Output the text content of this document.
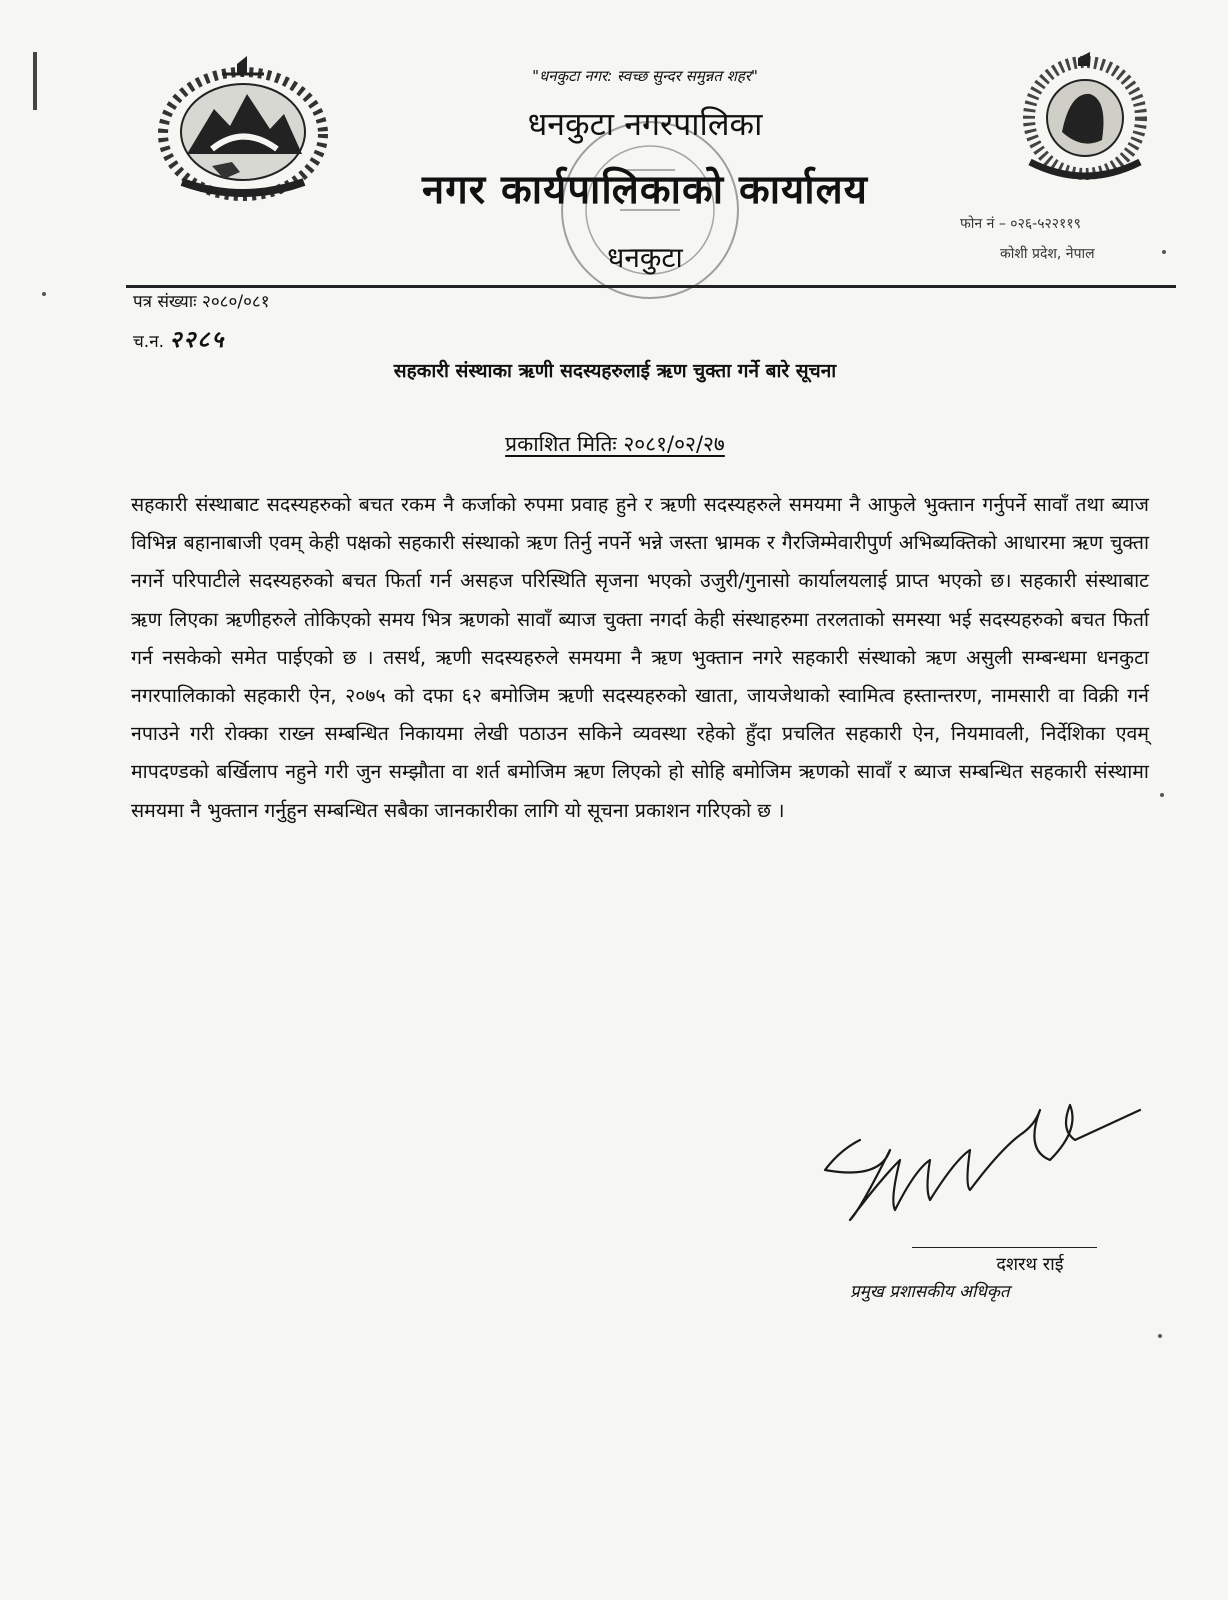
"धनकुटा नगर: स्वच्छ सुन्दर समुन्नत शहर"
धनकुटा नगरपालिका
नगर कार्यपालिकाको कार्यालय
धनकुटा
फोन नं – ०२६-५२२११९
कोशी प्रदेश, नेपाल
पत्र संख्याः २०८०/०८१
च.न. २२८५
सहकारी संस्थाका ऋणी सदस्यहरुलाई ऋण चुक्ता गर्ने बारे सूचना
प्रकाशित मितिः २०८१/०२/२७

सहकारी संस्थाबाट सदस्यहरुको बचत रकम नै कर्जाको रुपमा प्रवाह हुने र ऋणी सदस्यहरुले समयमा नै आफुले भुक्तान गर्नुपर्ने सावाँ तथा ब्याज विभिन्न बहानाबाजी एवम् केही पक्षको सहकारी संस्थाको ऋण तिर्नु नपर्ने भन्ने जस्ता भ्रामक र गैरजिम्मेवारीपुर्ण अभिब्यक्तिको आधारमा ऋण चुक्ता नगर्ने परिपाटीले सदस्यहरुको बचत फिर्ता गर्न असहज परिस्थिति सृजना भएको उजुरी/गुनासो कार्यालयलाई प्राप्त भएको छ। सहकारी संस्थाबाट ऋण लिएका ऋणीहरुले तोकिएको समय भित्र ऋणको सावाँ ब्याज चुक्ता नगर्दा केही संस्थाहरुमा तरलताको समस्या भई सदस्यहरुको बचत फिर्ता गर्न नसकेको समेत पाईएको छ । तसर्थ, ऋणी सदस्यहरुले समयमा नै ऋण भुक्तान नगरे सहकारी संस्थाको ऋण असुली सम्बन्धमा धनकुटा नगरपालिकाको सहकारी ऐन, २०७५ को दफा ६२ बमोजिम ऋणी सदस्यहरुको खाता, जायजेथाको स्वामित्व हस्तान्तरण, नामसारी वा विक्री गर्न नपाउने गरी रोक्का राख्न सम्बन्धित निकायमा लेखी पठाउन सकिने व्यवस्था रहेको हुँदा प्रचलित सहकारी ऐन, नियमावली, निर्देशिका एवम् मापदण्डको बर्खिलाप नहुने गरी जुन सम्झौता वा शर्त बमोजिम ऋण लिएको हो सोहि बमोजिम ऋणको सावाँ र ब्याज सम्बन्धित सहकारी संस्थामा समयमा नै भुक्तान गर्नुहुन सम्बन्धित सबैका जानकारीका लागि यो सूचना प्रकाशन गरिएको छ ।

दशरथ राई
प्रमुख प्रशासकीय अधिकृत
